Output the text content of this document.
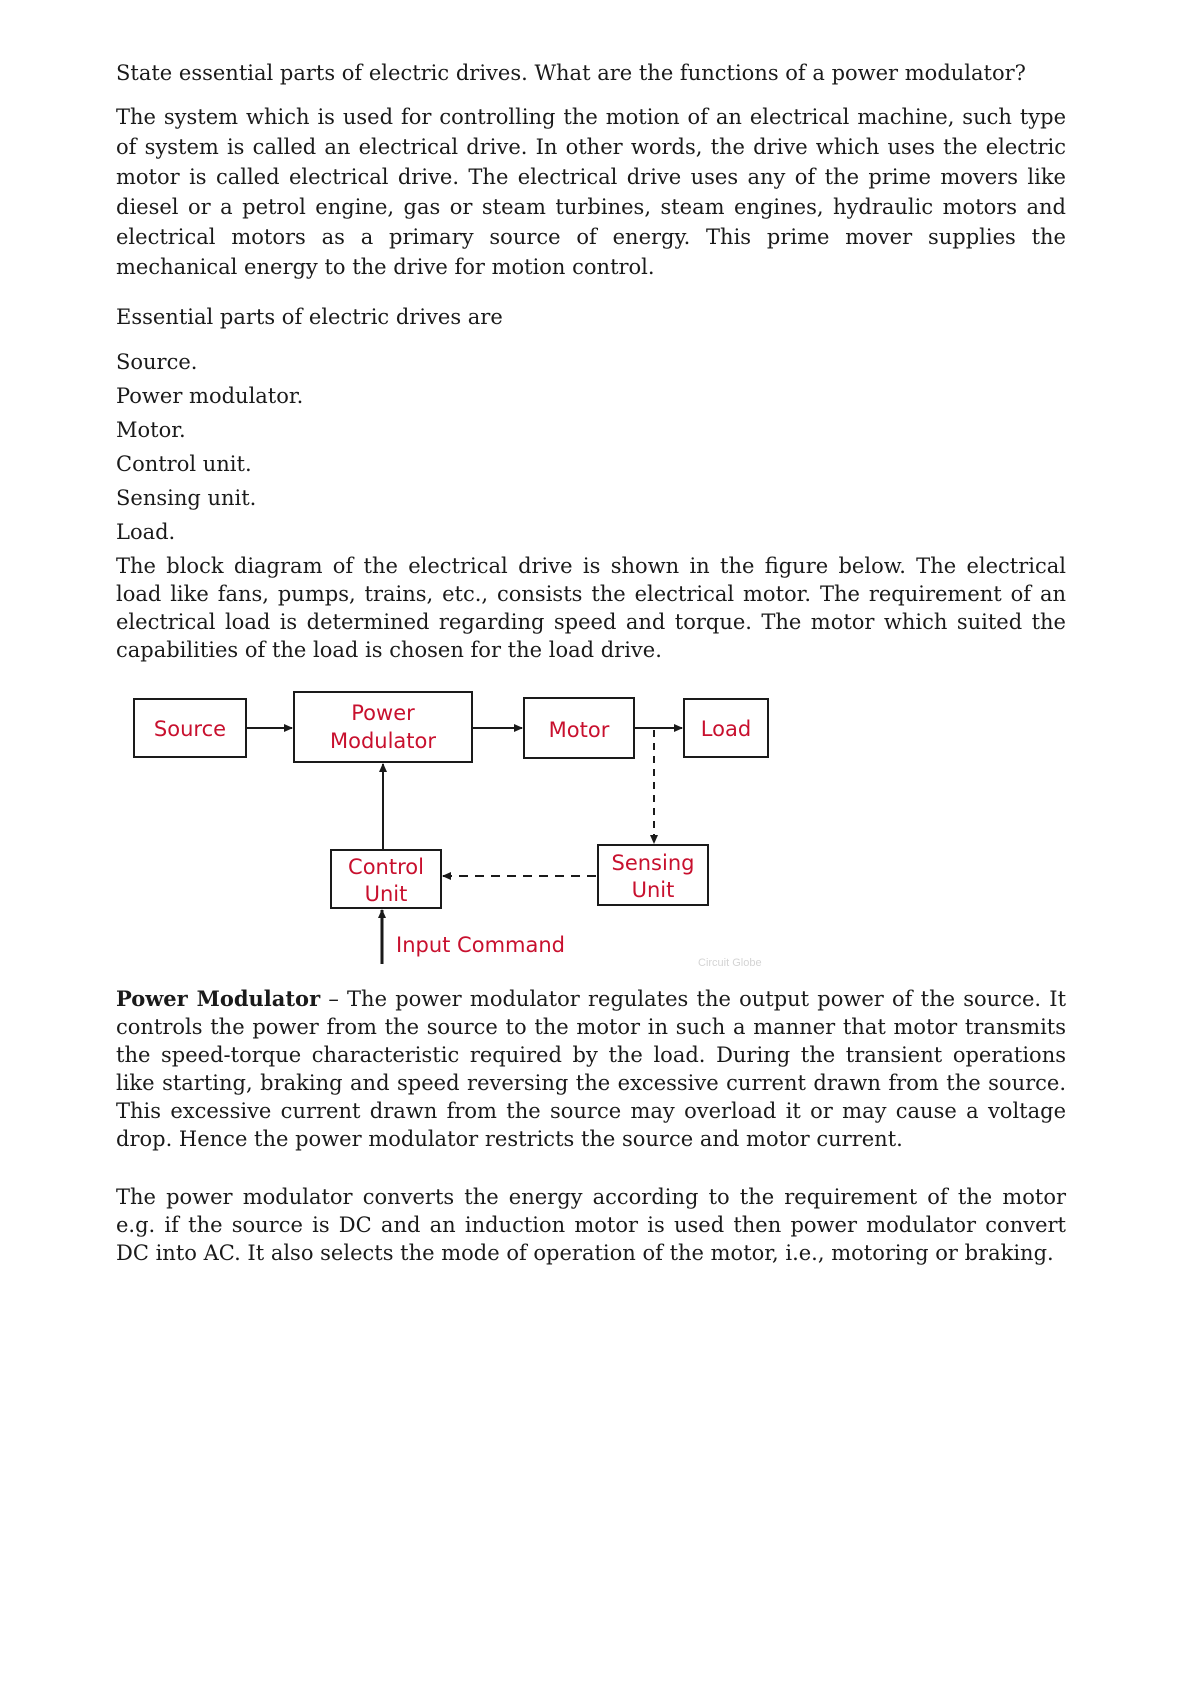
State essential parts of electric drives. What are the functions of a power modulator?

The system which is used for controlling the motion of an electrical machine, such type of system is called an electrical drive. In other words, the drive which uses the electric motor is called electrical drive. The electrical drive uses any of the prime movers like diesel or a petrol engine, gas or steam turbines, steam engines, hydraulic motors and electrical motors as a primary source of energy. This prime mover supplies the mechanical energy to the drive for motion control.

Essential parts of electric drives are

Source.
Power modulator.
Motor.
Control unit.
Sensing unit.
Load.

The block diagram of the electrical drive is shown in the figure below. The electrical load like fans, pumps, trains, etc., consists the electrical motor. The requirement of an electrical load is determined regarding speed and torque. The motor which suited the capabilities of the load is chosen for the load drive.

Source
Power
Modulator	Motor	Load
Control
Unit
Sensing
Unit
Input Command
Circuit Globe

Power Modulator – The power modulator regulates the output power of the source. It controls the power from the source to the motor in such a manner that motor transmits the speed-torque characteristic required by the load. During the transient operations like starting, braking and speed reversing the excessive current drawn from the source. This excessive current drawn from the source may overload it or may cause a voltage drop. Hence the power modulator restricts the source and motor current.

The power modulator converts the energy according to the requirement of the motor e.g. if the source is DC and an induction motor is used then power modulator convert DC into AC. It also selects the mode of operation of the motor, i.e., motoring or braking.
